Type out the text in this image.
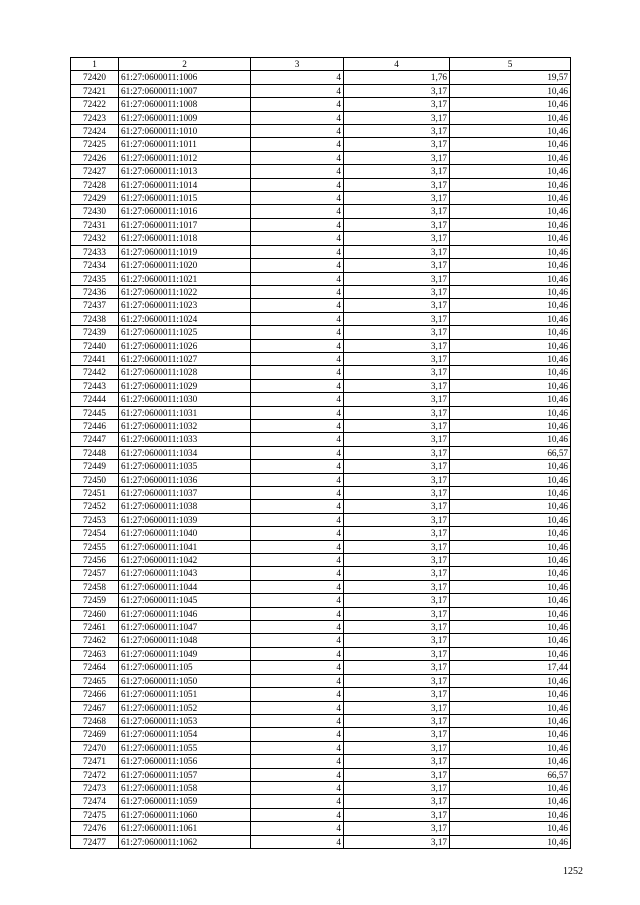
1	2	3	4	5
72420	61:27:0600011:1006	4	1,76	19,57
72421	61:27:0600011:1007	4	3,17	10,46
72422	61:27:0600011:1008	4	3,17	10,46
72423	61:27:0600011:1009	4	3,17	10,46
72424	61:27:0600011:1010	4	3,17	10,46
72425	61:27:0600011:1011	4	3,17	10,46
72426	61:27:0600011:1012	4	3,17	10,46
72427	61:27:0600011:1013	4	3,17	10,46
72428	61:27:0600011:1014	4	3,17	10,46
72429	61:27:0600011:1015	4	3,17	10,46
72430	61:27:0600011:1016	4	3,17	10,46
72431	61:27:0600011:1017	4	3,17	10,46
72432	61:27:0600011:1018	4	3,17	10,46
72433	61:27:0600011:1019	4	3,17	10,46
72434	61:27:0600011:1020	4	3,17	10,46
72435	61:27:0600011:1021	4	3,17	10,46
72436	61:27:0600011:1022	4	3,17	10,46
72437	61:27:0600011:1023	4	3,17	10,46
72438	61:27:0600011:1024	4	3,17	10,46
72439	61:27:0600011:1025	4	3,17	10,46
72440	61:27:0600011:1026	4	3,17	10,46
72441	61:27:0600011:1027	4	3,17	10,46
72442	61:27:0600011:1028	4	3,17	10,46
72443	61:27:0600011:1029	4	3,17	10,46
72444	61:27:0600011:1030	4	3,17	10,46
72445	61:27:0600011:1031	4	3,17	10,46
72446	61:27:0600011:1032	4	3,17	10,46
72447	61:27:0600011:1033	4	3,17	10,46
72448	61:27:0600011:1034	4	3,17	66,57
72449	61:27:0600011:1035	4	3,17	10,46
72450	61:27:0600011:1036	4	3,17	10,46
72451	61:27:0600011:1037	4	3,17	10,46
72452	61:27:0600011:1038	4	3,17	10,46
72453	61:27:0600011:1039	4	3,17	10,46
72454	61:27:0600011:1040	4	3,17	10,46
72455	61:27:0600011:1041	4	3,17	10,46
72456	61:27:0600011:1042	4	3,17	10,46
72457	61:27:0600011:1043	4	3,17	10,46
72458	61:27:0600011:1044	4	3,17	10,46
72459	61:27:0600011:1045	4	3,17	10,46
72460	61:27:0600011:1046	4	3,17	10,46
72461	61:27:0600011:1047	4	3,17	10,46
72462	61:27:0600011:1048	4	3,17	10,46
72463	61:27:0600011:1049	4	3,17	10,46
72464	61:27:0600011:105	4	3,17	17,44
72465	61:27:0600011:1050	4	3,17	10,46
72466	61:27:0600011:1051	4	3,17	10,46
72467	61:27:0600011:1052	4	3,17	10,46
72468	61:27:0600011:1053	4	3,17	10,46
72469	61:27:0600011:1054	4	3,17	10,46
72470	61:27:0600011:1055	4	3,17	10,46
72471	61:27:0600011:1056	4	3,17	10,46
72472	61:27:0600011:1057	4	3,17	66,57
72473	61:27:0600011:1058	4	3,17	10,46
72474	61:27:0600011:1059	4	3,17	10,46
72475	61:27:0600011:1060	4	3,17	10,46
72476	61:27:0600011:1061	4	3,17	10,46
72477	61:27:0600011:1062	4	3,17	10,46
1252
